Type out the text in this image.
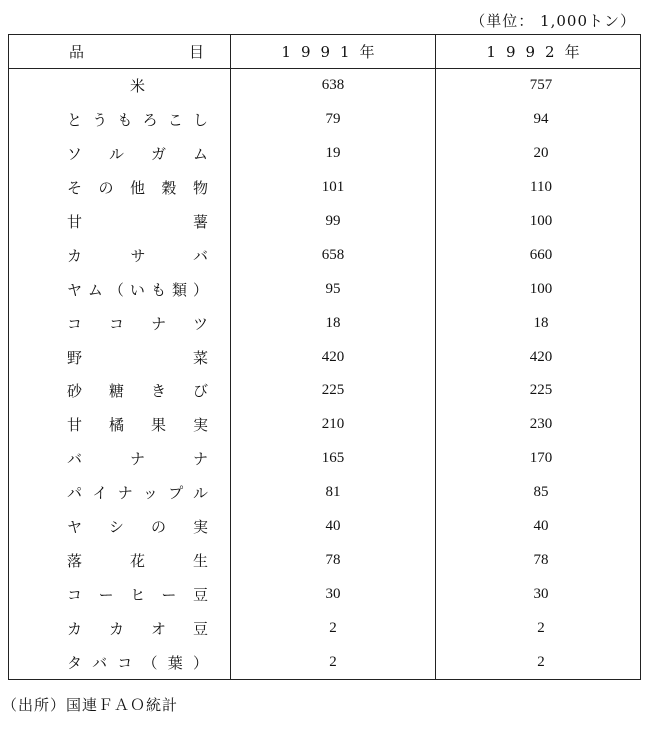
（単位： 1,000トン）
品　　目	1991年	1992年
米	638	757
とうもろこし	79	94
ソルガム	19	20
その他穀物	101	110
甘　　　　薯	99	100
カサバ	658	660
ヤム（いも類）	95	100
ココナツ	18	18
野　　　　菜	420	420
砂糖きび	225	225
甘橘果実	210	230
バナナ	165	170
パイナップル	81	85
ヤシの実	40	40
落花生	78	78
コーヒー豆	30	30
カカオ豆	2	2
タバコ（葉）	2	2
（出所）国連ＦＡＯ統計
